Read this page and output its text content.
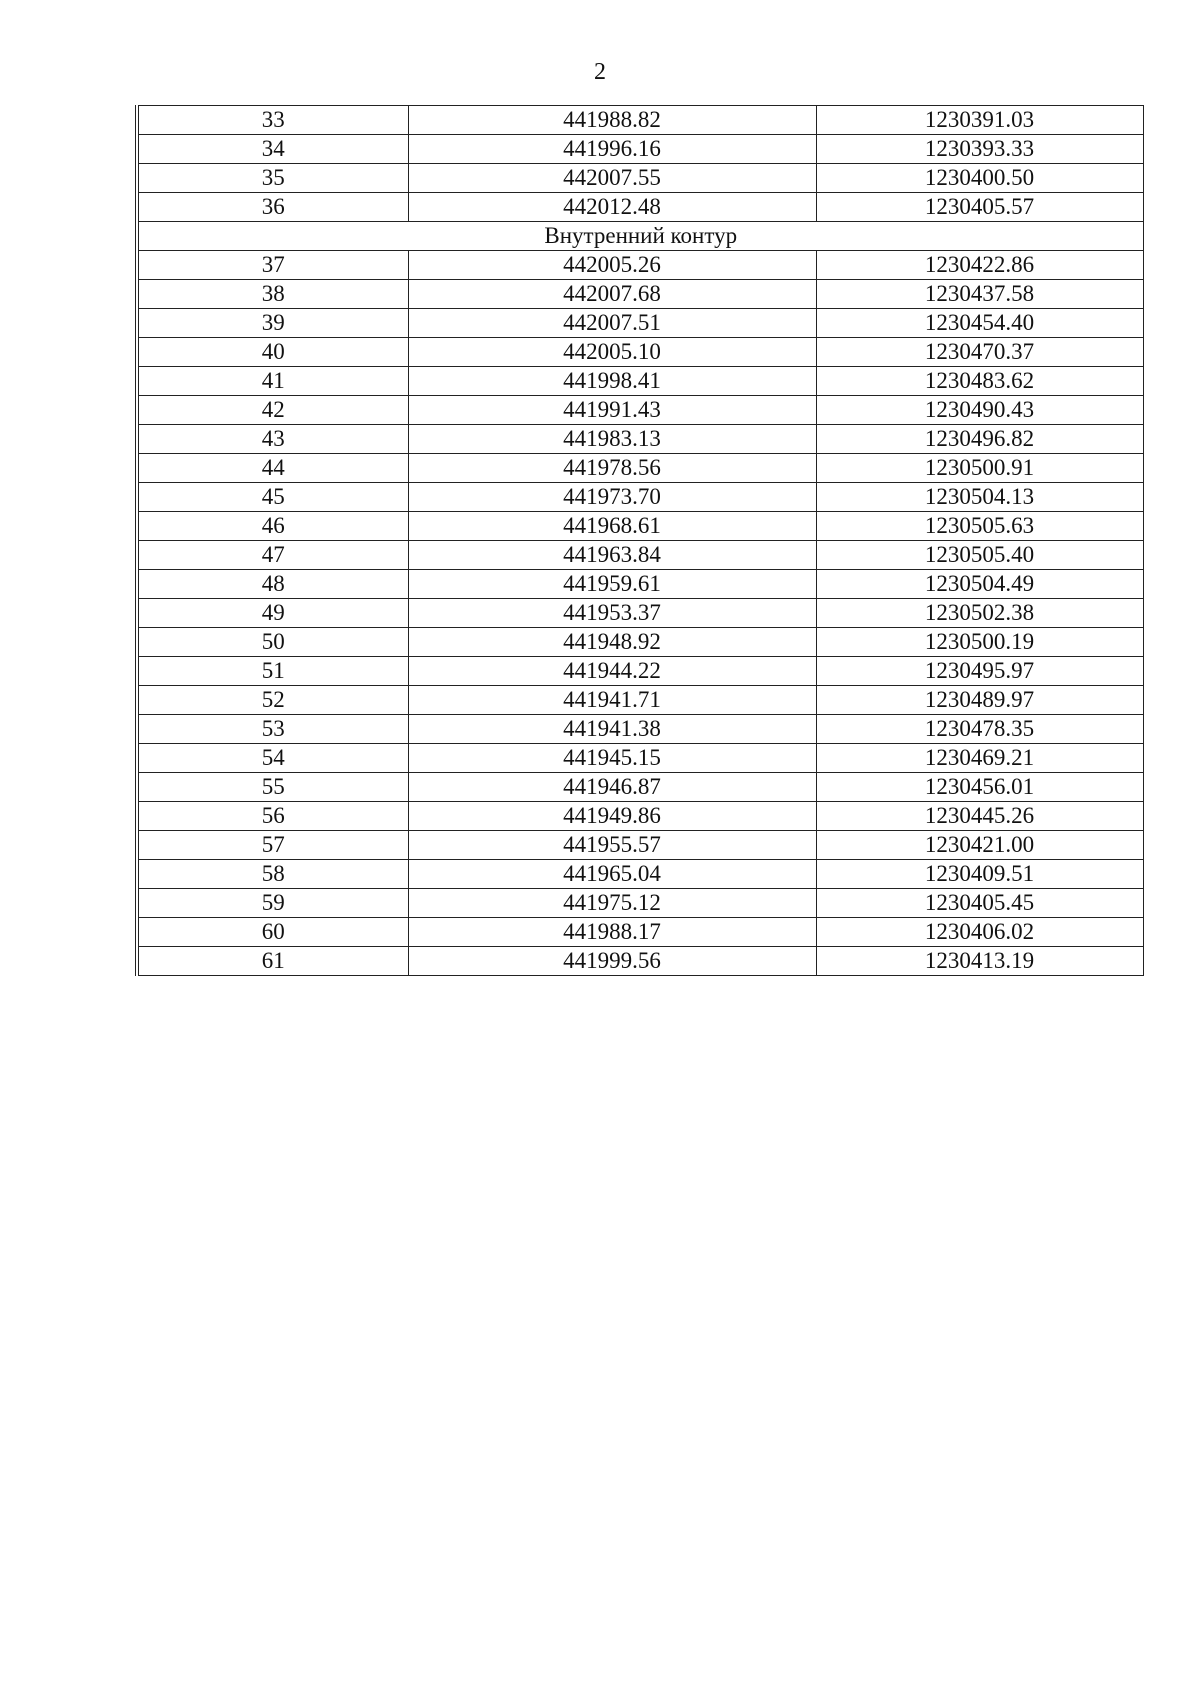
2
33	441988.82	1230391.03
34	441996.16	1230393.33
35	442007.55	1230400.50
36	442012.48	1230405.57
Внутренний контур		
37	442005.26	1230422.86
38	442007.68	1230437.58
39	442007.51	1230454.40
40	442005.10	1230470.37
41	441998.41	1230483.62
42	441991.43	1230490.43
43	441983.13	1230496.82
44	441978.56	1230500.91
45	441973.70	1230504.13
46	441968.61	1230505.63
47	441963.84	1230505.40
48	441959.61	1230504.49
49	441953.37	1230502.38
50	441948.92	1230500.19
51	441944.22	1230495.97
52	441941.71	1230489.97
53	441941.38	1230478.35
54	441945.15	1230469.21
55	441946.87	1230456.01
56	441949.86	1230445.26
57	441955.57	1230421.00
58	441965.04	1230409.51
59	441975.12	1230405.45
60	441988.17	1230406.02
61	441999.56	1230413.19
